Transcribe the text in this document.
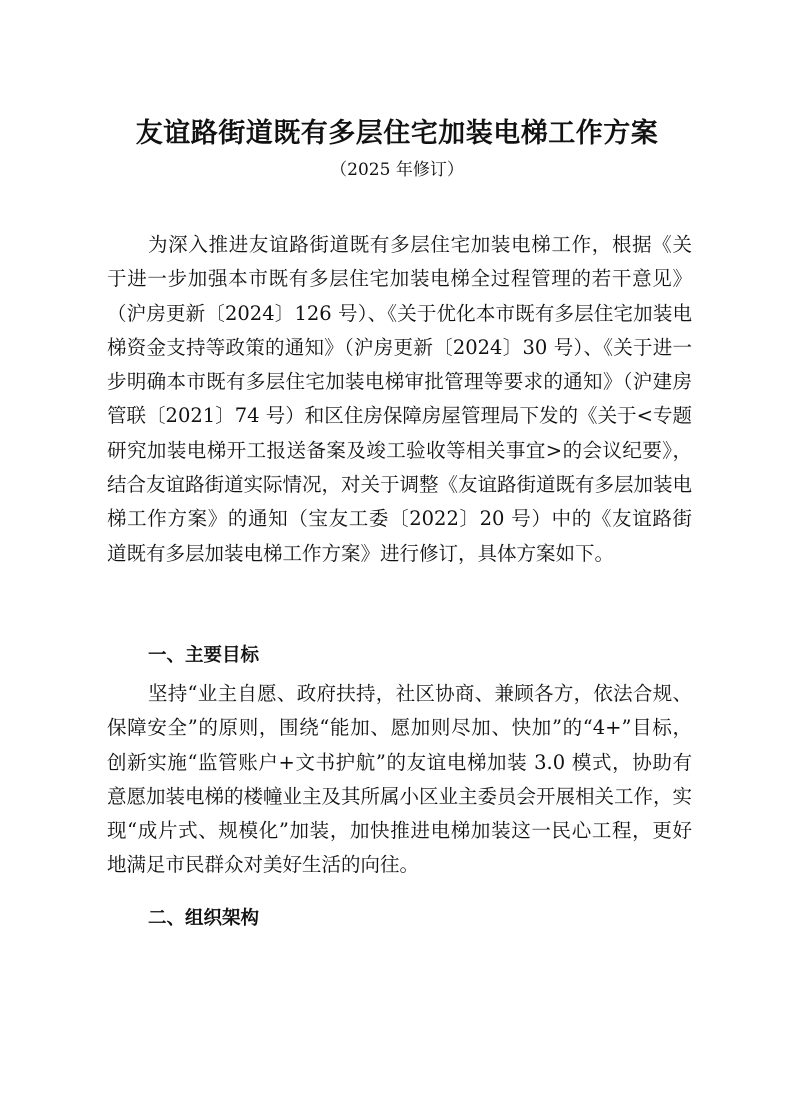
友谊路街道既有多层住宅加装电梯工作方案
（2025 年修订）

为深入推进友谊路街道既有多层住宅加装电梯工作，根据《关于进一步加强本市既有多层住宅加装电梯全过程管理的若干意见》（沪房更新〔2024〕126 号）、《关于优化本市既有多层住宅加装电梯资金支持等政策的通知》（沪房更新〔2024〕30 号）、《关于进一步明确本市既有多层住宅加装电梯审批管理等要求的通知》（沪建房管联〔2021〕74 号）和区住房保障房屋管理局下发的《关于<专题研究加装电梯开工报送备案及竣工验收等相关事宜>的会议纪要》，结合友谊路街道实际情况，对关于调整《友谊路街道既有多层加装电梯工作方案》的通知（宝友工委〔2022〕20 号）中的《友谊路街道既有多层加装电梯工作方案》进行修订，具体方案如下。

一、主要目标

坚持“业主自愿、政府扶持，社区协商、兼顾各方，依法合规、保障安全”的原则，围绕“能加、愿加则尽加、快加”的“4+”目标，创新实施“监管账户+文书护航”的友谊电梯加装 3.0 模式，协助有意愿加装电梯的楼幢业主及其所属小区业主委员会开展相关工作，实现“成片式、规模化”加装，加快推进电梯加装这一民心工程，更好地满足市民群众对美好生活的向往。

二、组织架构
